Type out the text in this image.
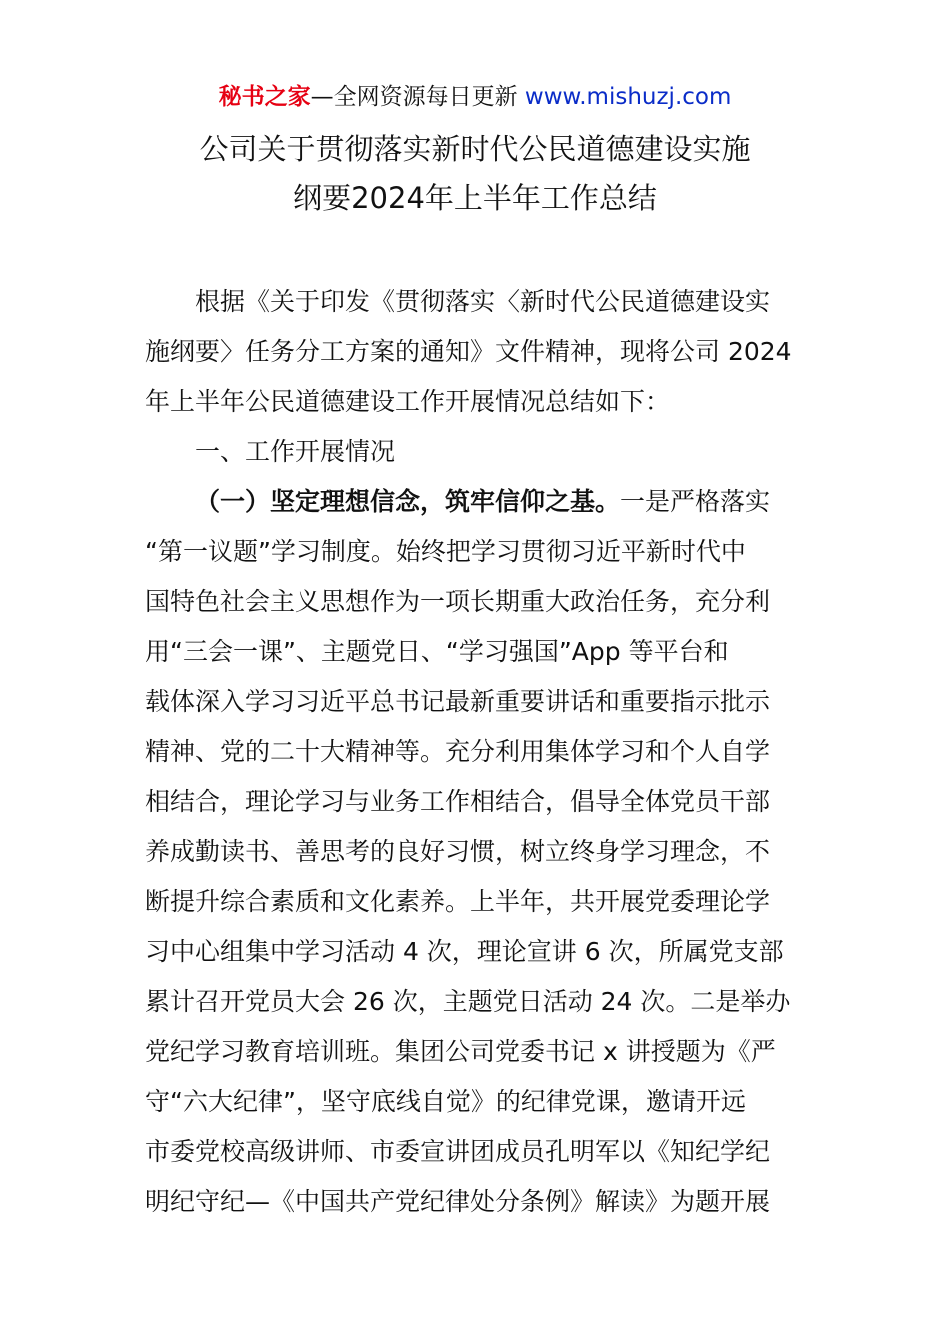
秘书之家—全网资源每日更新 www.mishuzj.com
公司关于贯彻落实新时代公民道德建设实施
纲要2024年上半年工作总结
根据《关于印发《贯彻落实〈新时代公民道德建设实
施纲要〉任务分工方案的通知》文件精神，现将公司 2024
年上半年公民道德建设工作开展情况总结如下：
一、工作开展情况
（一）坚定理想信念，筑牢信仰之基。一是严格落实
“第一议题”学习制度。始终把学习贯彻习近平新时代中
国特色社会主义思想作为一项长期重大政治任务，充分利
用“三会一课”、主题党日、“学习强国”App 等平台和
载体深入学习习近平总书记最新重要讲话和重要指示批示
精神、党的二十大精神等。充分利用集体学习和个人自学
相结合，理论学习与业务工作相结合，倡导全体党员干部
养成勤读书、善思考的良好习惯，树立终身学习理念，不
断提升综合素质和文化素养。上半年，共开展党委理论学
习中心组集中学习活动 4 次，理论宣讲 6 次，所属党支部
累计召开党员大会 26 次，主题党日活动 24 次。二是举办
党纪学习教育培训班。集团公司党委书记 x 讲授题为《严
守“六大纪律”，坚守底线自觉》的纪律党课，邀请开远
市委党校高级讲师、市委宣讲团成员孔明军以《知纪学纪
明纪守纪—《中国共产党纪律处分条例》解读》为题开展
